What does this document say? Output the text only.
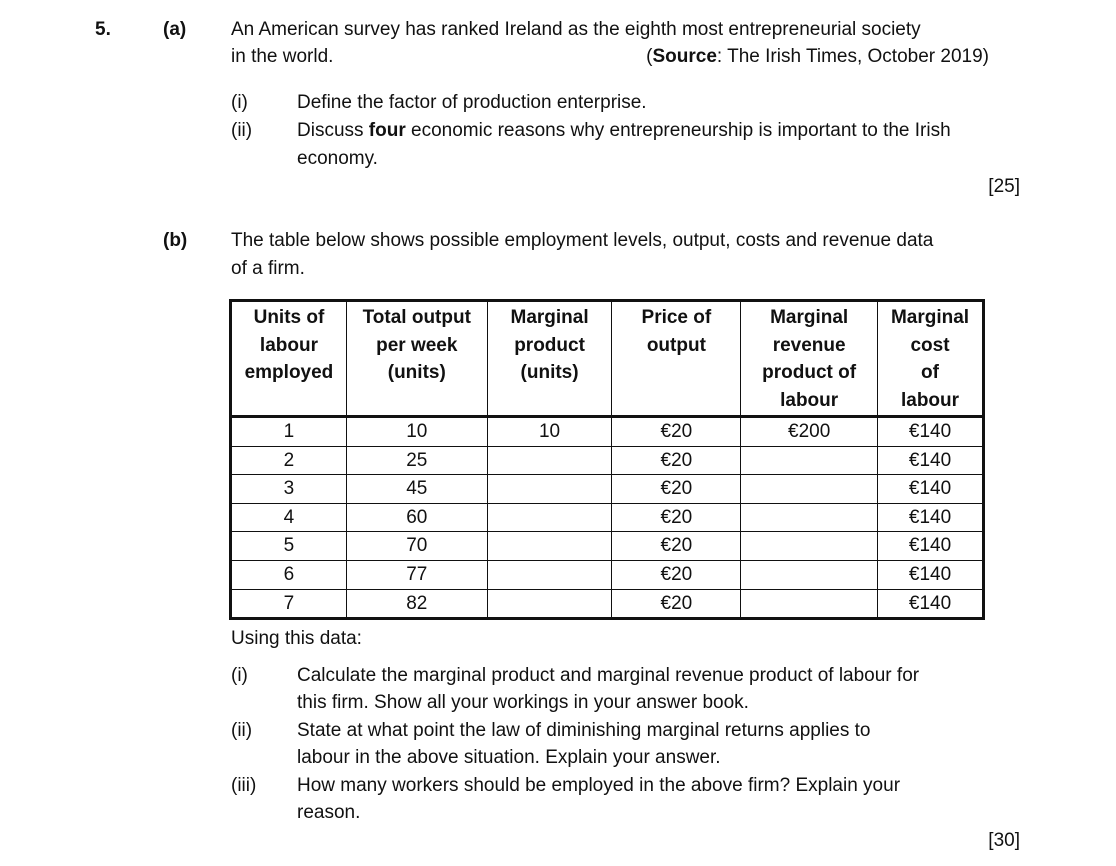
5.	(a) An American survey has ranked Ireland as the eighth most entrepreneurial society
in the world.	(Source: The Irish Times, October 2019)
(i)	Define the factor of production enterprise.
(ii) Discuss four economic reasons why entrepreneurship is important to the Irish
economy.
[25]
(b) The table below shows possible employment levels, output, costs and revenue data
of a firm.
Units of
labour
employed	Total output
per week
(units)	Marginal
product
(units)	Price of
output	Marginal
revenue
product of
labour	Marginal
cost
of
labour
1	10	10	€20	€200	€140
2	25		€20		€140
3	45		€20		€140
4	60		€20		€140
5	70		€20		€140
6	77		€20		€140
7	82		€20		€140
Using this data:
(i)	Calculate the marginal product and marginal revenue product of labour for
this firm. Show all your workings in your answer book.
(ii) State at what point the law of diminishing marginal returns applies to
labour in the above situation. Explain your answer.
(iii) How many workers should be employed in the above firm? Explain your
reason.
[30]
